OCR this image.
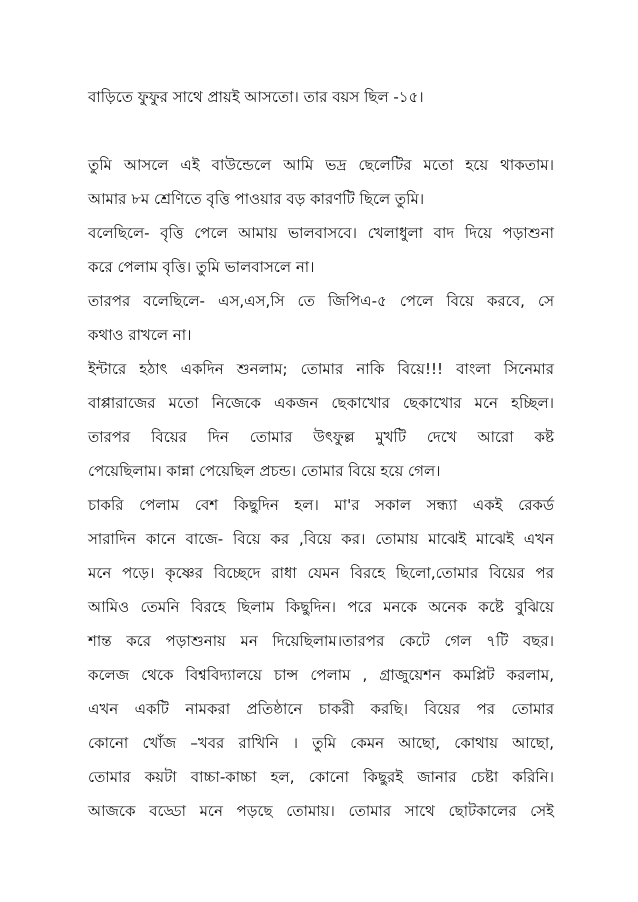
বাড়িতে ফুফুর সাথে প্রায়ই আসতো। তার বয়স ছিল -১৫।
তুমি আসলে এই বাউন্ডেলে আমি ভদ্র ছেলেটির মতো হয়ে থাকতাম।
আমার ৮ম শ্রেণিতে বৃত্তি পাওয়ার বড় কারণটি ছিলে তুমি।
বলেছিলে- বৃত্তি পেলে আমায় ভালবাসবে। খেলাধুলা বাদ দিয়ে পড়াশুনা
করে পেলাম বৃত্তি। তুমি ভালবাসলে না।
তারপর বলেছিলে- এস,এস,সি তে জিপিএ-৫ পেলে বিয়ে করবে, সে
কথাও রাখলে না।
ইন্টারে হঠাৎ একদিন শুনলাম; তোমার নাকি বিয়ে!!! বাংলা সিনেমার
বাপ্পারাজের মতো নিজেকে একজন ছেকাখোর ছেকাখোর মনে হচ্ছিল।
তারপর বিয়ের দিন তোমার উৎফুল্ল মুখটি দেখে আরো কষ্ট
পেয়েছিলাম। কান্না পেয়েছিল প্রচন্ড। তোমার বিয়ে হয়ে গেল।
চাকরি পেলাম বেশ কিছুদিন হল। মা'র সকাল সন্ধ্যা একই রেকর্ড
সারাদিন কানে বাজে- বিয়ে কর ,বিয়ে কর। তোমায় মাঝেই মাঝেই এখন
মনে পড়ে। কৃষ্ণের বিচ্ছেদে রাধা যেমন বিরহে ছিলো,তোমার বিয়ের পর
আমিও তেমনি বিরহে ছিলাম কিছুদিন। পরে মনকে অনেক কষ্টে বুঝিয়ে
শান্ত করে পড়াশুনায় মন দিয়েছিলাম।তারপর কেটে গেল ৭টি বছর।
কলেজ থেকে বিশ্ববিদ্যালয়ে চান্স পেলাম , গ্রাজুয়েশন কমপ্লিট করলাম,
এখন একটি নামকরা প্রতিষ্ঠানে চাকরী করছি। বিয়ের পর তোমার
কোনো খোঁজ –খবর রাখিনি । তুমি কেমন আছো, কোথায় আছো,
তোমার কয়টা বাচ্চা-কাচ্চা হল, কোনো কিছুরই জানার চেষ্টা করিনি।
আজকে বড্ডো মনে পড়ছে তোমায়। তোমার সাথে ছোটকালের সেই
